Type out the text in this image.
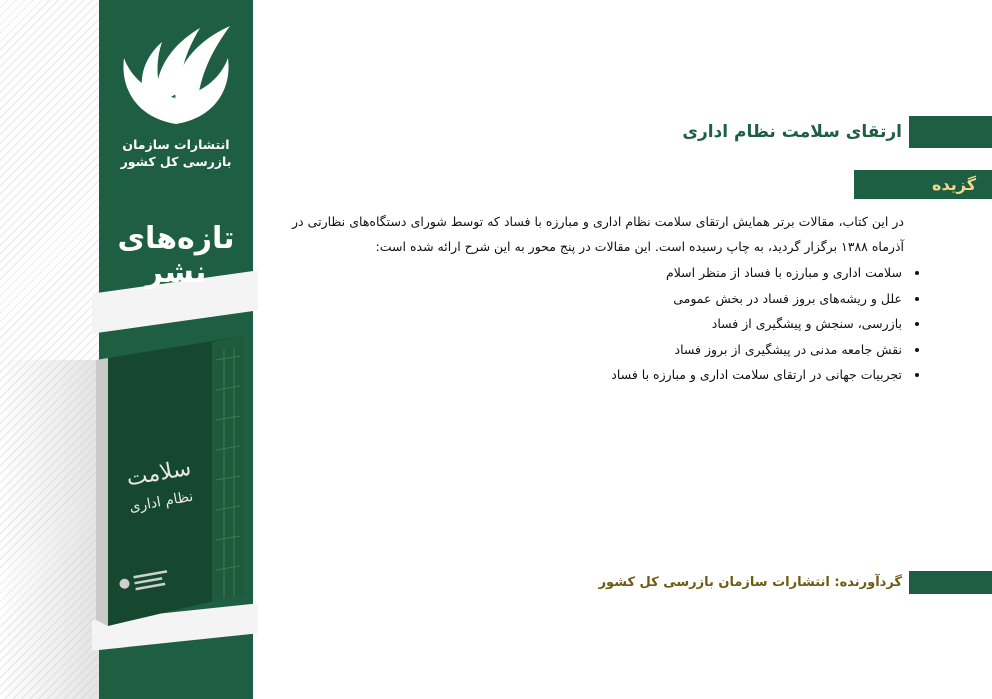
انتشارات سازمان
بازرسی کل کشور
تازه‌های
نشر
سلامت
نظام اداری
ارتقای سلامت نظام اداری
گزیده
در این کتاب، مقالات برتر همایش ارتقای سلامت نظام اداری و مبارزه با فساد که توسط شورای دستگاه‌های نظارتی در آذرماه ۱۳۸۸ برگزار گردید، به چاپ رسیده است. این مقالات در پنج محور به این شرح ارائه شده است:
• سلامت اداری و مبارزه با فساد از منظر اسلام
• علل و ریشه‌های بروز فساد در بخش عمومی
• بازرسی، سنجش و پیشگیری از فساد
• نقش جامعه مدنی در پیشگیری از بروز فساد
• تجربیات جهانی در ارتقای سلامت اداری و مبارزه با فساد
گردآورنده: انتشارات سازمان بازرسی کل کشور
